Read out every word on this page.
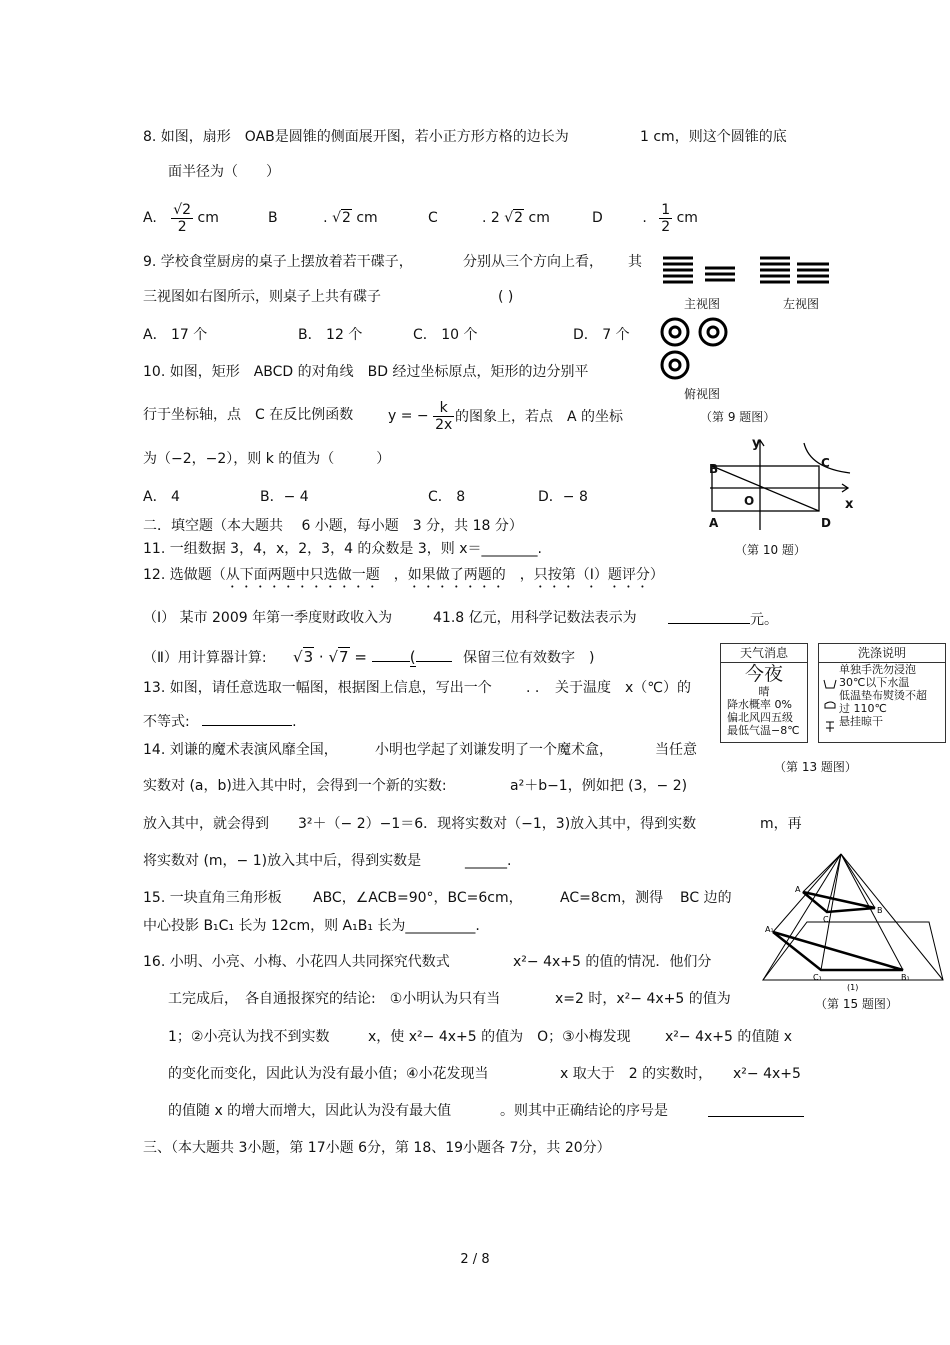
8. 如图，扇形　OAB是圆锥的侧面展开图，若小正方形方格的边长为	1 cm，则这个圆锥的底
面半径为（　　）
A. $\frac{√2}{2}$ cm	B	. √2 cm	C	. 2 √2 cm	D	. $\frac{1}{2}$ cm
9. 学校食堂厨房的桌子上摆放着若干碟子，	分别从三个方向上看， 其
三视图如右图所示，则桌子上共有碟子	( )
A． 17 个	B． 12 个	C． 10 个	D． 7 个
主视图	左视图
俯视图
（第 9 题图）
10. 如图，矩形　ABCD 的对角线　BD 经过坐标原点，矩形的边分别平
行于坐标轴，点　C 在反比例函数 y = − $\frac{k}{2x}$ 的图象上，若点　A 的坐标
为（−2，−2），则 k 的值为（　　　）
A． 4	B．− 4	C． 8	D．− 8
y
x
O
B	C
A	D
（第 10 题）
二．填空题（本大题共　 6 小题，每小题　3 分，共 18 分）
11. 一组数据 3，4，x，2，3，4 的众数是 3，则 x＝________.
12. 选做题（从下面两题中只选做一题　，如果做了两题的　，只按第（Ⅰ）题评分）
（Ⅰ） 某市 2009 年第一季度财政收入为	41.8 亿元，用科学记数法表示为	元。
（Ⅱ）用计算器计算: √3 · √7 =	(	保留三位有效数字　)	天气消息
今夜
晴
降水概率 0%
偏北风四五级
最低气温−8℃
洗涤说明
单独手洗勿浸泡
30℃以下水温
低温垫布熨烫不超
过 110℃
悬挂晾干
（第 13 题图）
13. 如图，请任意选取一幅图，根据图上信息，写出一个 . . 关于温度　x（℃）的
不等式:	.
14. 刘谦的魔术表演风靡全国，	小明也学起了刘谦发明了一个魔术盒，	当任意
实数对 (a，b)进入其中时，会得到一个新的实数:	a²＋b−1，例如把 (3，− 2)
放入其中，就会得到 3²＋（− 2）−1＝6．现将实数对（−1，3)放入其中，得到实数	m，再
将实数对 (m，− 1)放入其中后，得到实数是	______.
A
B
C
A₁
B₁
C₁
(1)
（第 15 题图）
15. 一块直角三角形板 ABC，∠ACB=90°，BC=6cm，	AC=8cm，测得 BC 边的
中心投影 B₁C₁ 长为 12cm，则 A₁B₁ 长为__________.
16. 小明、小亮、小梅、小花四人共同探究代数式	x²− 4x+5 的值的情况．他们分
工完成后，　各自通报探究的结论:　①小明认为只有当	x=2 时，x²− 4x+5 的值为
1；②小亮认为找不到实数	x，使 x²− 4x+5 的值为　O；③小梅发现 x²− 4x+5 的值随 x
的变化而变化，因此认为没有最小值；④小花发现当	x 取大于　2 的实数时， x²− 4x+5
的值随 x 的增大而增大，因此认为没有最大值	。则其中正确结论的序号是
三、（本大题共 3小题，第 17小题 6分，第 18、19小题各 7分，共 20分）
2 / 8
